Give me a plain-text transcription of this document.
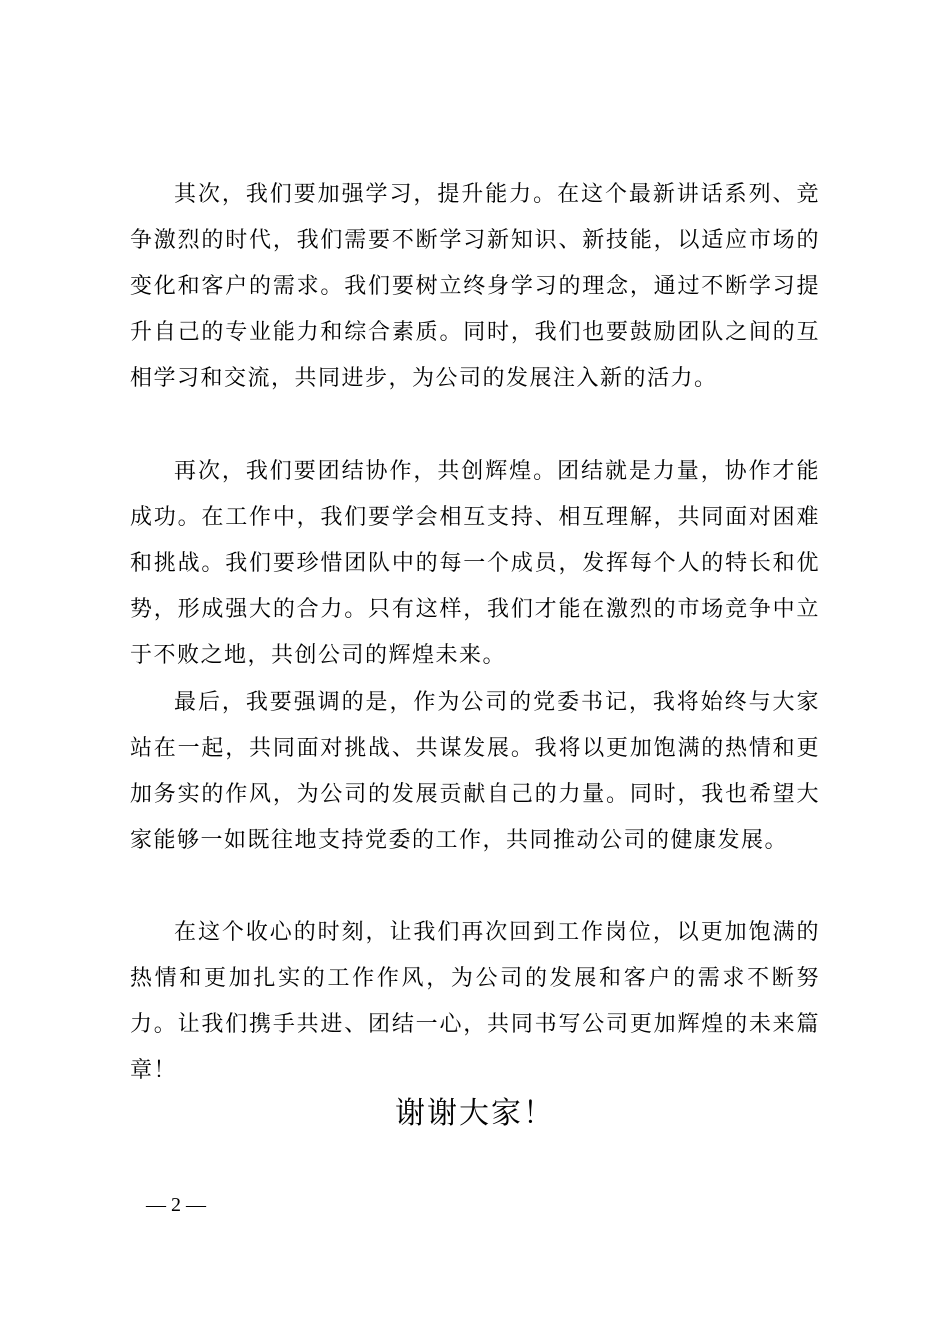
其次，我们要加强学习，提升能力。在这个最新讲话系列、竞争激烈的时代，我们需要不断学习新知识、新技能，以适应市场的变化和客户的需求。我们要树立终身学习的理念，通过不断学习提升自己的专业能力和综合素质。同时，我们也要鼓励团队之间的互相学习和交流，共同进步，为公司的发展注入新的活力。

再次，我们要团结协作，共创辉煌。团结就是力量，协作才能成功。在工作中，我们要学会相互支持、相互理解，共同面对困难和挑战。我们要珍惜团队中的每一个成员，发挥每个人的特长和优势，形成强大的合力。只有这样，我们才能在激烈的市场竞争中立于不败之地，共创公司的辉煌未来。

最后，我要强调的是，作为公司的党委书记，我将始终与大家站在一起，共同面对挑战、共谋发展。我将以更加饱满的热情和更加务实的作风，为公司的发展贡献自己的力量。同时，我也希望大家能够一如既往地支持党委的工作，共同推动公司的健康发展。

在这个收心的时刻，让我们再次回到工作岗位，以更加饱满的热情和更加扎实的工作作风，为公司的发展和客户的需求不断努力。让我们携手共进、团结一心，共同书写公司更加辉煌的未来篇章！

谢谢大家！

— 2 —
